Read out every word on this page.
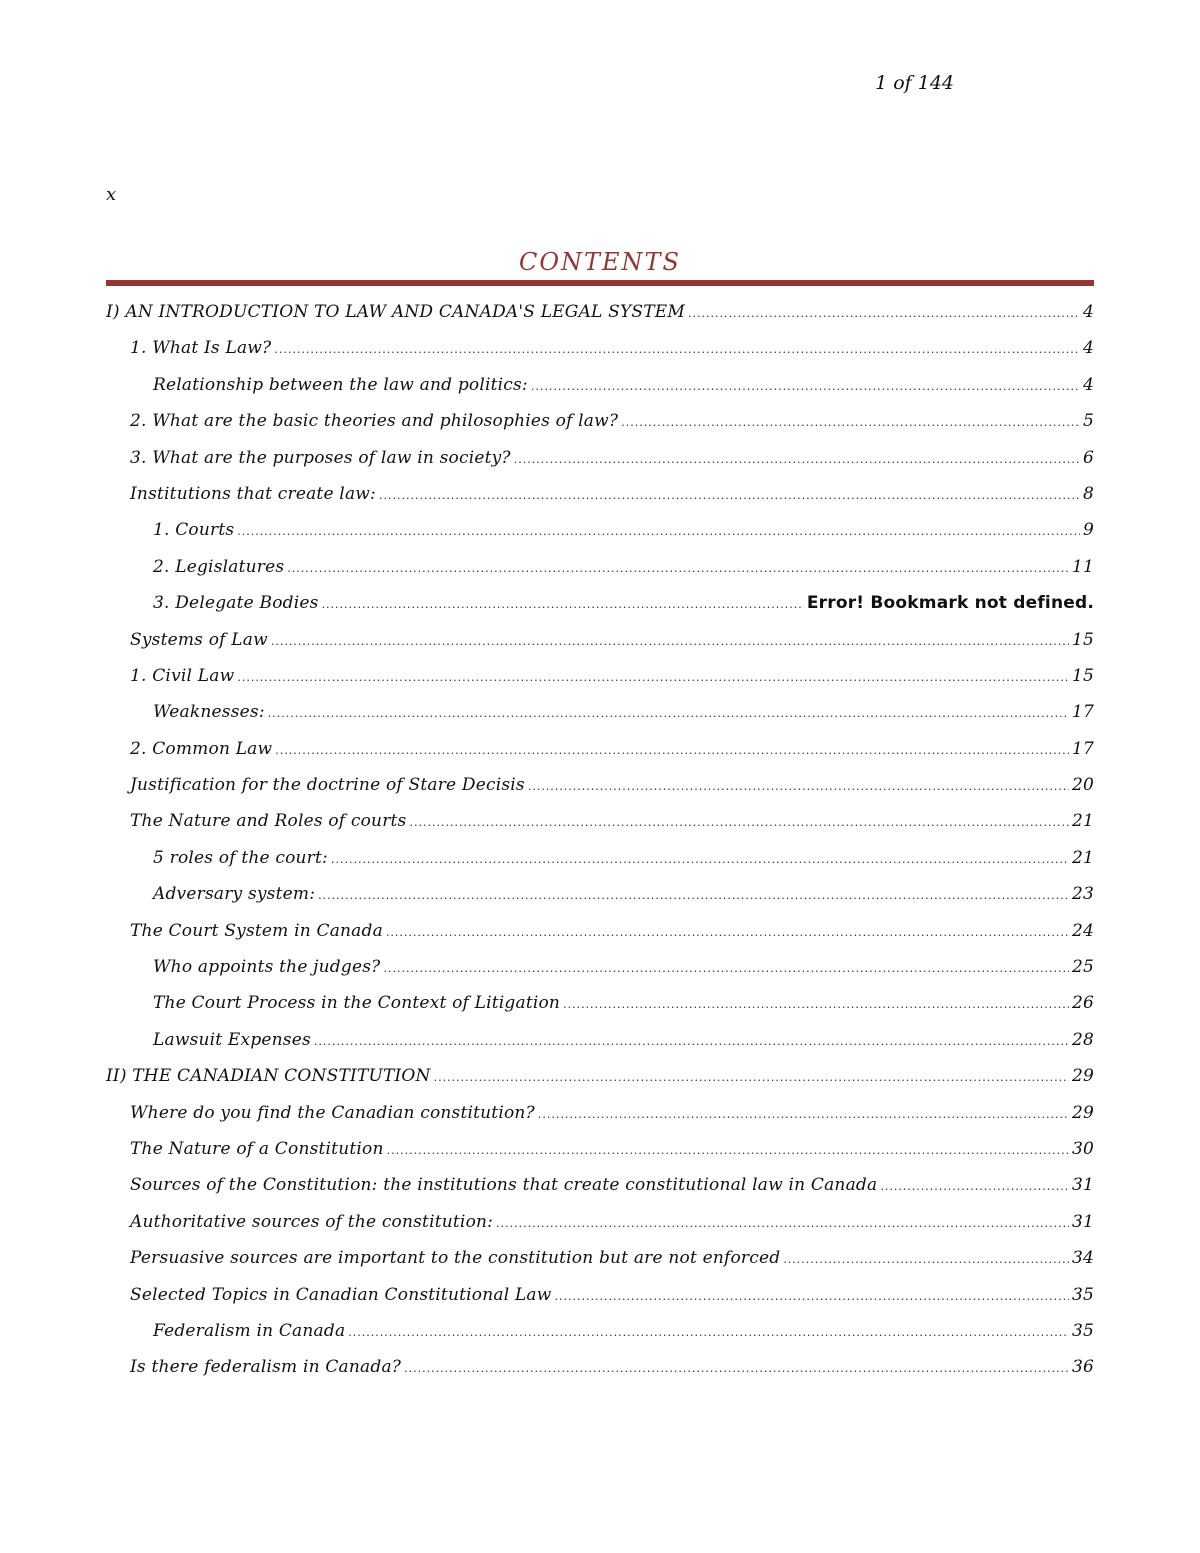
1 of 144
x
CONTENTS
I) AN INTRODUCTION TO LAW AND CANADA'S LEGAL SYSTEM .....	4
1. What Is Law? .....	4
Relationship between the law and politics: .....	4
2. What are the basic theories and philosophies of law? .....	5
3. What are the purposes of law in society? .....	6
Institutions that create law: .....	8
1. Courts .....	9
2. Legislatures .....	11
3. Delegate Bodies .....	Error! Bookmark not defined.
Systems of Law .....	15
1. Civil Law .....	15
Weaknesses: .....	17
2. Common Law .....	17
Justification for the doctrine of Stare Decisis .....	20
The Nature and Roles of courts .....	21
5 roles of the court: .....	21
Adversary system: .....	23
The Court System in Canada .....	24
Who appoints the judges? .....	25
The Court Process in the Context of Litigation .....	26
Lawsuit Expenses .....	28
II) THE CANADIAN CONSTITUTION .....	29
Where do you find the Canadian constitution? .....	29
The Nature of a Constitution .....	30
Sources of the Constitution: the institutions that create constitutional law in Canada .....	31
Authoritative sources of the constitution: .....	31
Persuasive sources are important to the constitution but are not enforced .....	34
Selected Topics in Canadian Constitutional Law .....	35
Federalism in Canada .....	35
Is there federalism in Canada? .....	36
